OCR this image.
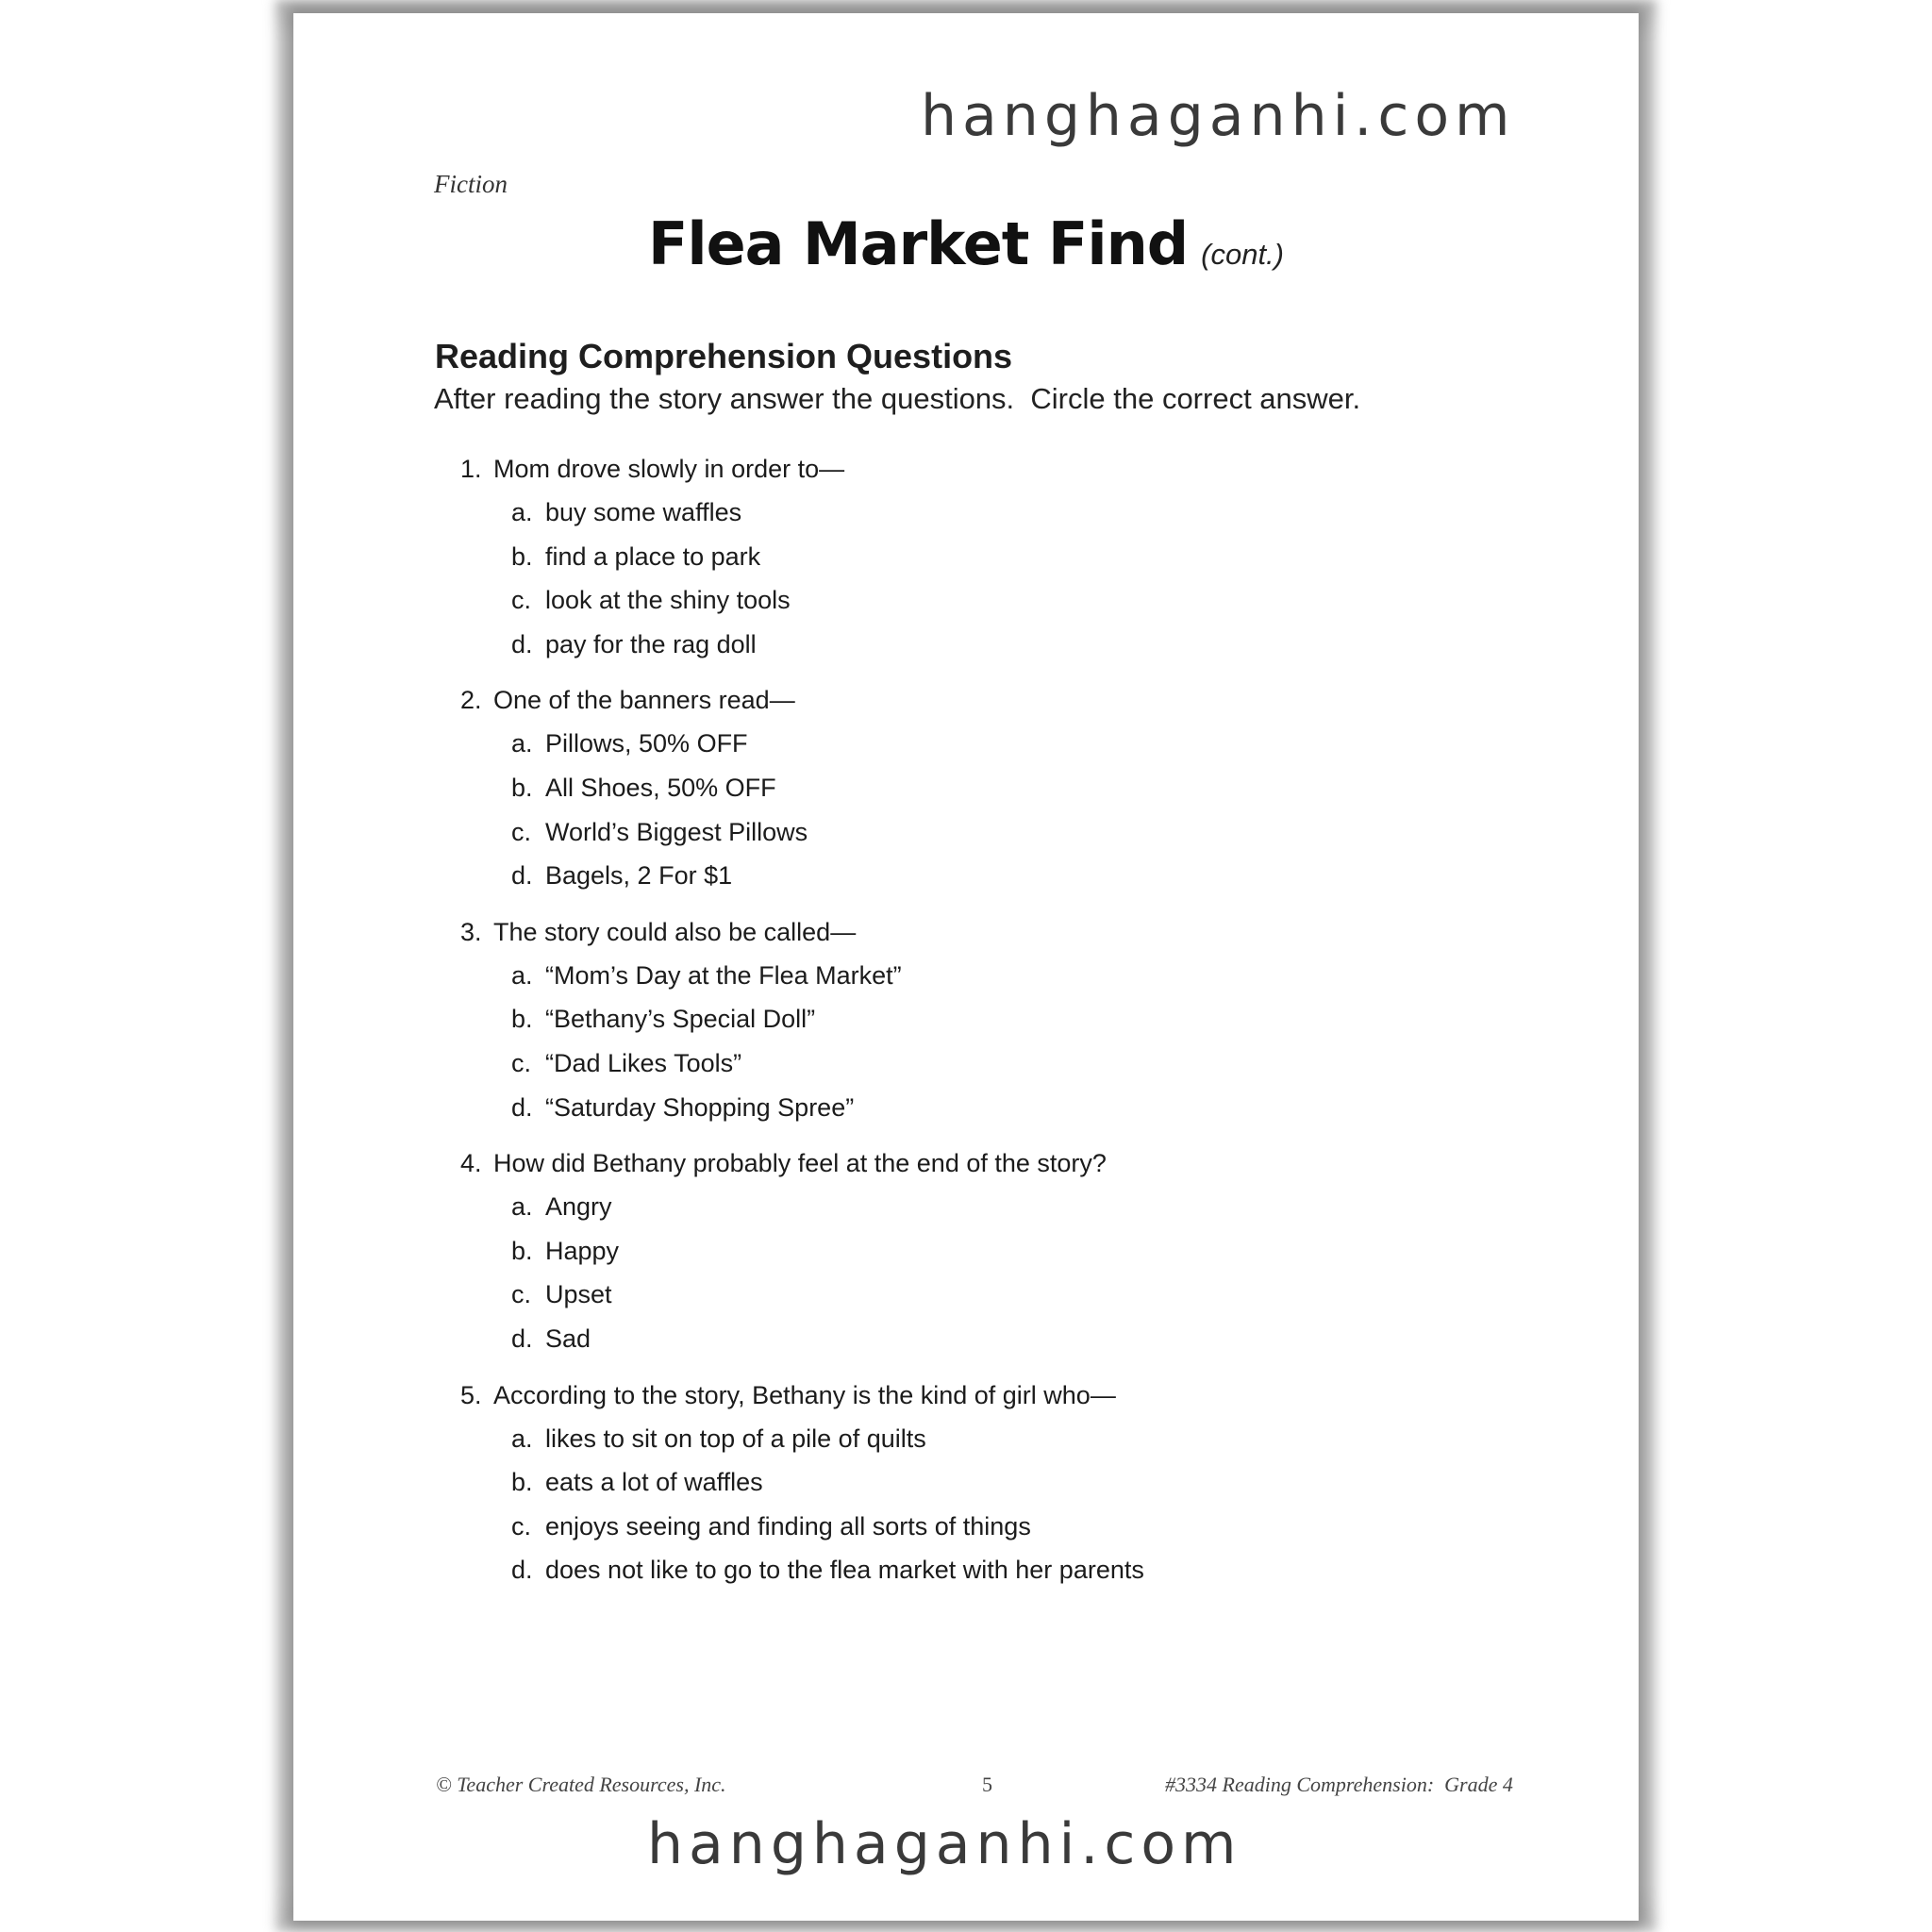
hanghaganhi.com
Fiction
Flea Market Find (cont.)
Reading Comprehension Questions
After reading the story answer the questions.  Circle the correct answer.
1. Mom drove slowly in order to—
a. buy some waffles
b. find a place to park
c. look at the shiny tools
d. pay for the rag doll
2. One of the banners read—
a. Pillows, 50% OFF
b. All Shoes, 50% OFF
c. World’s Biggest Pillows
d. Bagels, 2 For $1
3. The story could also be called—
a. “Mom’s Day at the Flea Market”
b. “Bethany’s Special Doll”
c. “Dad Likes Tools”
d. “Saturday Shopping Spree”
4. How did Bethany probably feel at the end of the story?
a. Angry
b. Happy
c. Upset
d. Sad
5. According to the story, Bethany is the kind of girl who—
a. likes to sit on top of a pile of quilts
b. eats a lot of waffles
c. enjoys seeing and finding all sorts of things
d. does not like to go to the flea market with her parents
© Teacher Created Resources, Inc.	5	#3334 Reading Comprehension:  Grade 4
hanghaganhi.com
